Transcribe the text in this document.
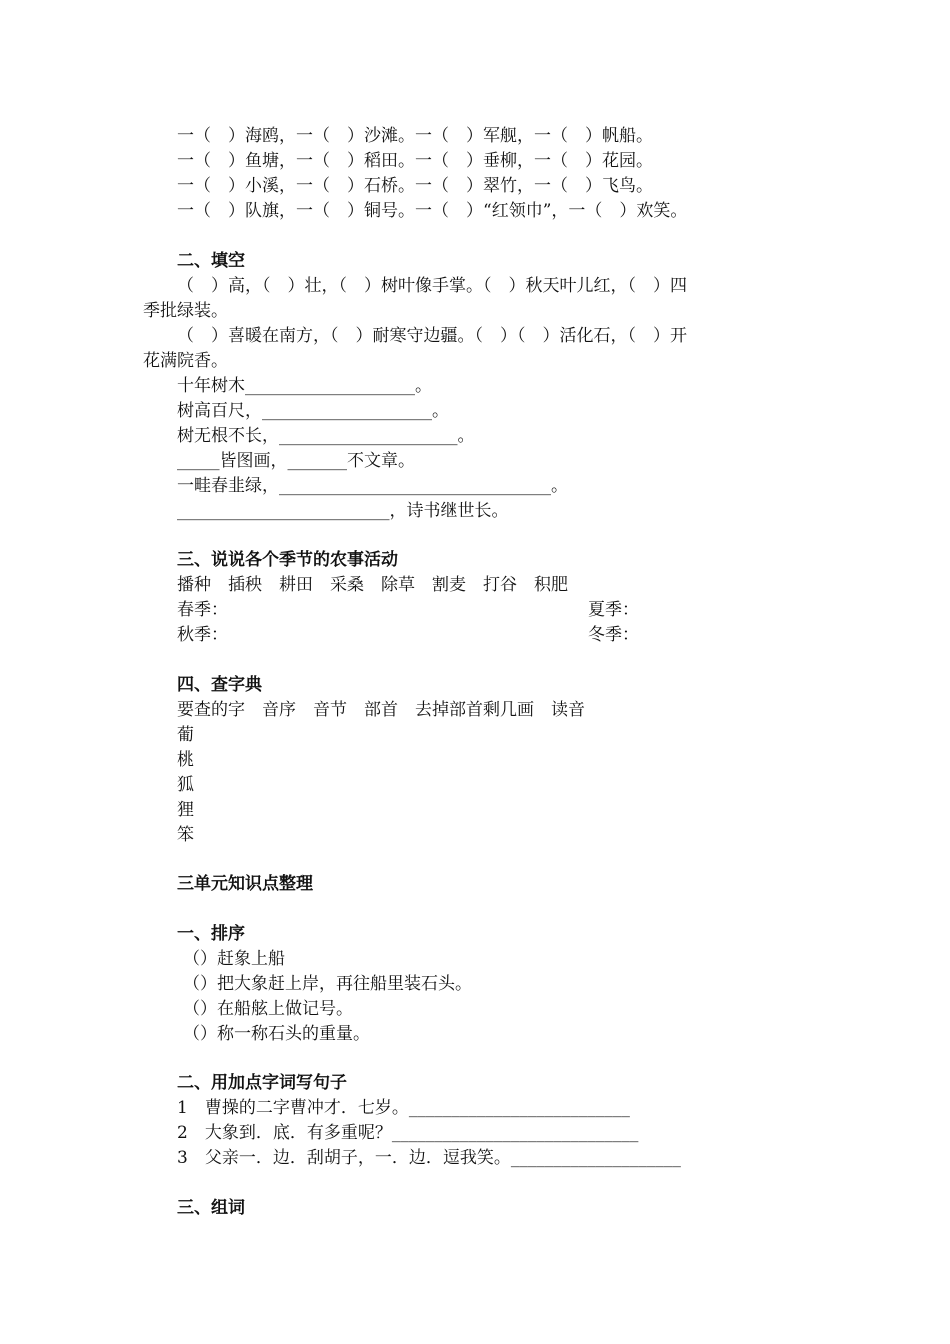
一（　）海鸥，一（　）沙滩。一（　）军舰，一（　）帆船。
一（　）鱼塘，一（　）稻田。一（　）垂柳，一（　）花园。
一（　）小溪，一（　）石桥。一（　）翠竹，一（　）飞鸟。
一（　）队旗，一（　）铜号。一（　）“红领巾”，一（　）欢笑。
二、填空
（　）高，（　）壮，（　）树叶像手掌。（　）秋天叶儿红，（　）四
季批绿装。
（　）喜暖在南方，（　）耐寒守边疆。（　）（　）活化石，（　）开
花满院香。
十年树木____________________。
树高百尺，____________________。
树无根不长，_____________________。
_____皆图画，_______不文章。
一畦春韭绿，________________________________。
_________________________，诗书继世长。
三、说说各个季节的农事活动
播种　插秧　耕田　采桑　除草　割麦　打谷　积肥
春季：	夏季：
秋季：	冬季：
四、查字典
要查的字　音序　音节　部首　去掉部首剩几画　读音
葡
桃
狐
狸
笨
三单元知识点整理
一、排序
（）赶象上船
（）把大象赶上岸，再往船里装石头。
（）在船舷上做记号。
（）称一称石头的重量。
二、用加点字词写句子
1　曹操的二字曹冲才．七岁。__________________________
2　大象到．底．有多重呢？_____________________________
3　父亲一．边．刮胡子，一．边．逗我笑。____________________
三、组词
